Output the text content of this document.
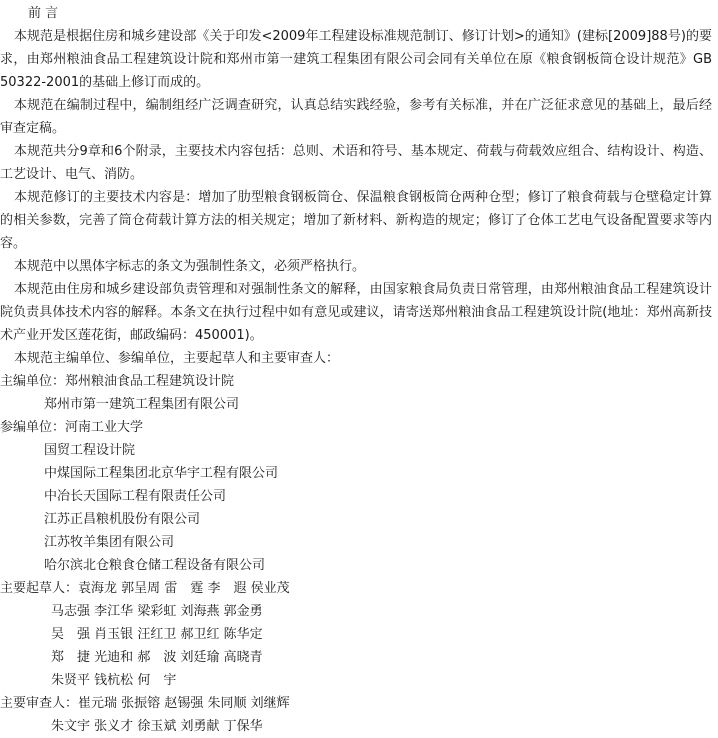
前 言

本规范是根据住房和城乡建设部《关于印发<2009年工程建设标准规范制订、修订计划>的通知》(建标[2009]88号)的要求，由郑州粮油食品工程建筑设计院和郑州市第一建筑工程集团有限公司会同有关单位在原《粮食钢板筒仓设计规范》GB 50322-2001的基础上修订而成的。

本规范在编制过程中，编制组经广泛调查研究，认真总结实践经验，参考有关标准，并在广泛征求意见的基础上，最后经审查定稿。

本规范共分9章和6个附录，主要技术内容包括：总则、术语和符号、基本规定、荷载与荷载效应组合、结构设计、构造、工艺设计、电气、消防。

本规范修订的主要技术内容是：增加了肋型粮食钢板筒仓、保温粮食钢板筒仓两种仓型；修订了粮食荷载与仓壁稳定计算的相关参数，完善了筒仓荷载计算方法的相关规定；增加了新材料、新构造的规定；修订了仓体工艺电气设备配置要求等内容。

本规范中以黑体字标志的条文为强制性条文，必须严格执行。

本规范由住房和城乡建设部负责管理和对强制性条文的解释，由国家粮食局负责日常管理，由郑州粮油食品工程建筑设计院负责具体技术内容的解释。本条文在执行过程中如有意见或建议，请寄送郑州粮油食品工程建筑设计院(地址：郑州高新技术产业开发区莲花街，邮政编码：450001)。

本规范主编单位、参编单位，主要起草人和主要审查人：

主编单位：郑州粮油食品工程建筑设计院
郑州市第一建筑工程集团有限公司
参编单位：河南工业大学
国贸工程设计院
中煤国际工程集团北京华宇工程有限公司
中冶长天国际工程有限责任公司
江苏正昌粮机股份有限公司
江苏牧羊集团有限公司
哈尔滨北仓粮食仓储工程设备有限公司
主要起草人：袁海龙 郭呈周 雷　霆 李　遐 侯业茂
马志强 李江华 梁彩虹 刘海燕 郭金勇
吴　强 肖玉银 汪红卫 郝卫红 陈华定
郑　捷 光迪和 郝　波 刘廷瑜 高晓青
朱贤平 钱杭松 何　宇
主要审查人：崔元瑞 张振镕 赵锡强 朱同顺 刘继辉
朱文宇 张义才 徐玉斌 刘勇献 丁保华
